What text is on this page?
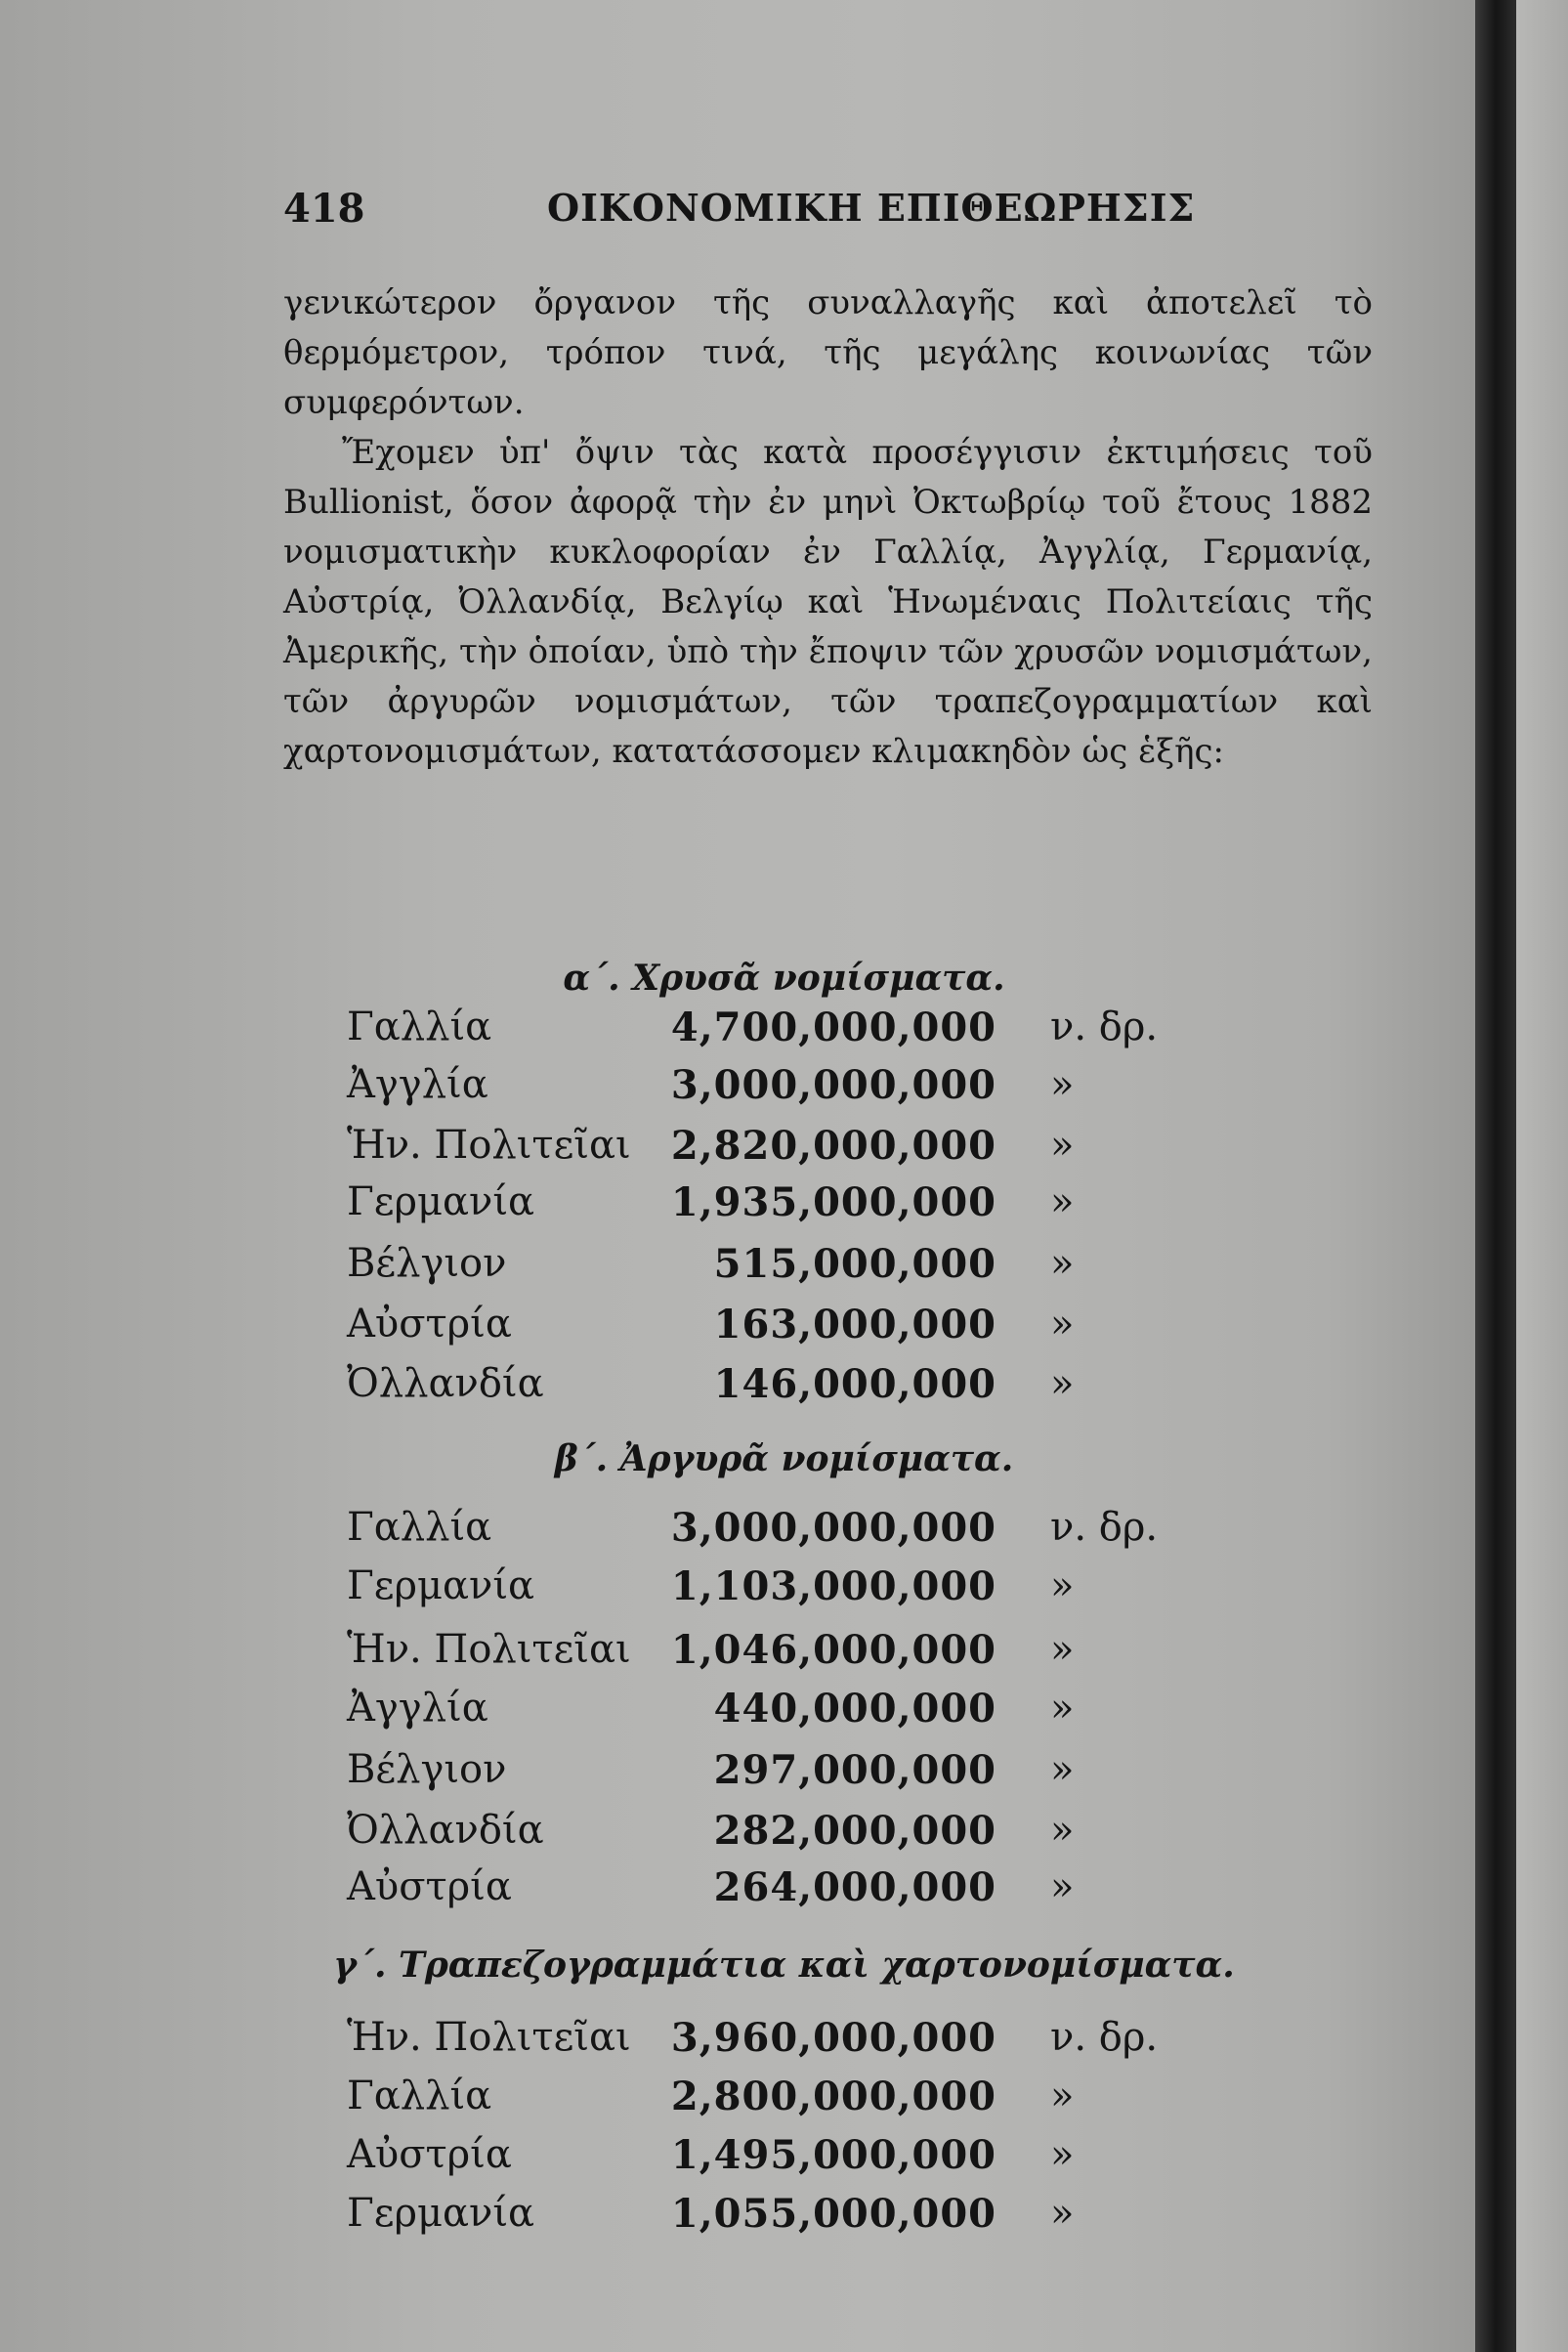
418	ΟΙΚΟΝΟΜΙΚΗ ΕΠΙΘΕΩΡΗΣΙΣ

γενικώτερον ὄργανον τῆς συναλλαγῆς καὶ ἀποτελεῖ τὸ θερμόμετρον, τρόπον τινά, τῆς μεγάλης κοινωνίας τῶν συμφερόντων.

Ἔχομεν ὑπ' ὄψιν τὰς κατὰ προσέγγισιν ἐκτιμήσεις τοῦ Bullionist, ὅσον ἀφορᾷ τὴν ἐν μηνὶ Ὀκτωβρίῳ τοῦ ἔτους 1882 νομισματικὴν κυκλοφορίαν ἐν Γαλλίᾳ, Ἀγγλίᾳ, Γερμανίᾳ, Αὐστρίᾳ, Ὀλλανδίᾳ, Βελγίῳ καὶ Ἡνωμέναις Πολιτείαις τῆς Ἀμερικῆς, τὴν ὁποίαν, ὑπὸ τὴν ἔποψιν τῶν χρυσῶν νομισμάτων, τῶν ἀργυρῶν νομισμάτων, τῶν τραπεζογραμματίων καὶ χαρτονομισμάτων, κατατάσσομεν κλιμακηδὸν ὡς ἑξῆς:

α΄. Χρυσᾶ νομίσματα.
Γαλλία	4,700,000,000 ν. δρ.
Ἀγγλία	3,000,000,000 »
Ἡν. Πολιτεῖαι 2,820,000,000 »
Γερμανία	1,935,000,000 »
Βέλγιον	515,000,000 »
Αὐστρία	163,000,000 »
Ὀλλανδία	146,000,000 »
β΄. Ἀργυρᾶ νομίσματα.
Γαλλία	3,000,000,000 ν. δρ.
Γερμανία	1,103,000,000 »
Ἡν. Πολιτεῖαι 1,046,000,000 »
Ἀγγλία	440,000,000 »
Βέλγιον	297,000,000 »
Ὀλλανδία	282,000,000 »
Αὐστρία	264,000,000 »
γ΄. Τραπεζογραμμάτια καὶ χαρτονομίσματα.
Ἡν. Πολιτεῖαι 3,960,000,000 ν. δρ.
Γαλλία	2,800,000,000 »
Αὐστρία	1,495,000,000 »
Γερμανία	1,055,000,000 »
